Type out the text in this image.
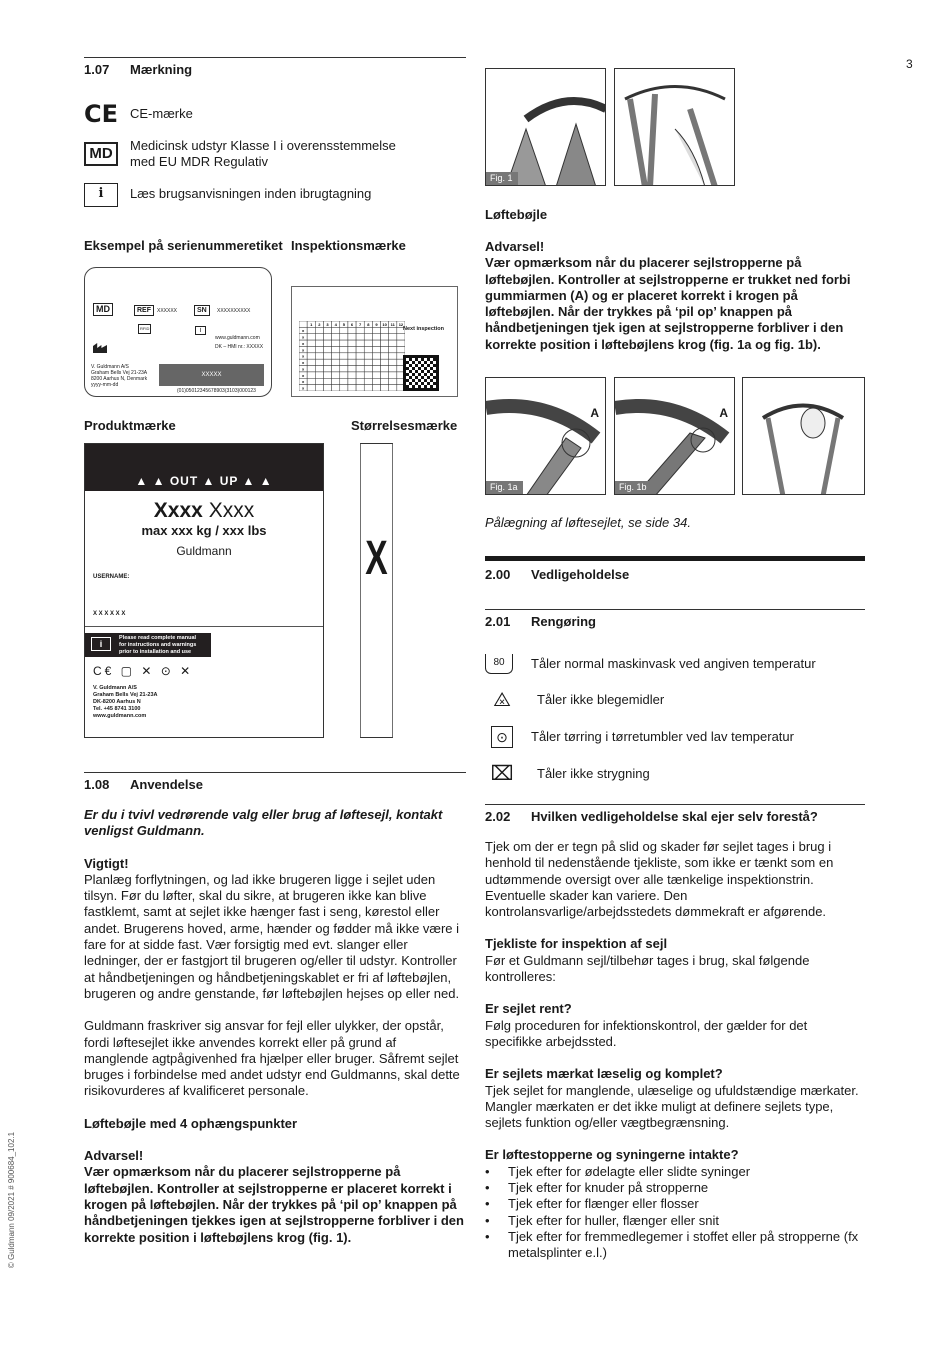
3
© Guldmann 09/2021 # 900684_102.1
1.07 Mærkning
CE CE-mærke
MD	Medicinsk udstyr Klasse I i overensstemmelse med EU MDR Regulativ
i	Læs brugsanvisningen inden ibrugtagning
Eksempel på serienummeretiket Inspektionsmærke
MD	REF	XXXXXX	SN	XXXXXXXXXX
RFID	i
www.guldmann.com
DK – HMI nr.: XXXXX
V. Guldmann A/S
Graham Bells Vej 21-23A
8200 Aarhus N, Denmark
yyyy-mm-dd
XXXXX
(01)05012345678903(3103)000123
1 2 3 4 5 6 7 8 9 10 11 12
x
x
x
x
x
x
x
x
x
x
Next inspection
Produktmærke	Størrelsesmærke
▲ ▲ OUT ▲ UP ▲ ▲
Xxxx Xxxx
max xxx kg / xxx lbs
Guldmann
USERNAME:
X X X X X X
i
Please read complete manual
for instructions and warnings
prior to installation and use
C€ ▢ ✕ ⊙ ✕
V. Guldmann A/S
Graham Bells Vej 21-23A
DK-8200 Aarhus N
Tel. +45 8741 3100
www.guldmann.com
X
1.08 Anvendelse

Er du i tvivl vedrørende valg eller brug af løftesejl, kontakt venligst Guldmann.

Vigtigt!

Planlæg forflytningen, og lad ikke brugeren ligge i sejlet uden tilsyn. Før du løfter, skal du sikre, at brugeren ikke kan blive fastklemt, samt at sejlet ikke hænger fast i seng, kørestol eller andet. Brugerens hoved, arme, hænder og fødder må ikke være i fare for at sidde fast. Vær forsigtig med evt. slanger eller ledninger, der er fastgjort til brugeren og/eller til udstyr. Kontroller at håndbetjeningen og håndbetjeningskablet er fri af løftebøjlen, brugeren og andre genstande, før løftebøjlen hejses op eller ned.

Guldmann fraskriver sig ansvar for fejl eller ulykker, der opstår, fordi løftesejlet ikke anvendes korrekt eller på grund af manglende agtpågivenhed fra hjælper eller bruger. Såfremt sejlet bruges i forbindelse med andet udstyr end Guldmanns, skal dette risikovurderes af kvalificeret personale.

Løftebøjle med 4 ophængspunkter

Advarsel!

Vær opmærksom når du placerer sejlstropperne på løftebøjlen. Kontroller at sejlstropperne er placeret korrekt i krogen på løftebøjlen. Når der trykkes på ‘pil op’ knappen på håndbetjeningen tjekkes igen at sejlstropperne forbliver i den korrekte position i løftebøjlens krog (fig. 1).

Fig. 1
Løftebøjle
Advarsel!
Vær opmærksom når du placerer sejlstropperne på løftebøjlen. Kontroller at sejlstropperne er trukket ned forbi gummiarmen (A) og er placeret korrekt i krogen på løftebøjlen. Når der trykkes på ‘pil op’ knappen på håndbetjeningen tjek igen at sejlstropperne forbliver i den korrekte position i løftebøjlens krog (fig. 1a og fig. 1b).
A
Fig. 1a
A
Fig. 1b
Pålægning af løftesejlet, se side 34.
2.00 Vedligeholdelse
2.01 Rengøring
80	Tåler normal maskinvask ved angiven temperatur
⨻	Tåler ikke blegemidler
⊙	Tåler tørring i tørretumbler ved lav temperatur
⌧	Tåler ikke strygning
2.02 Hvilken vedligeholdelse skal ejer selv forestå?

Tjek om der er tegn på slid og skader før sejlet tages i brug i henhold til nedenstående tjekliste, som ikke er tænkt som en udtømmende oversigt over alle tænkelige inspektionstrin. Eventuelle skader kan variere. Den kontrolansvarlige/arbejdsstedets dømmekraft er afgørende.

Tjekliste for inspektion af sejl

Før et Guldmann sejl/tilbehør tages i brug, skal følgende kontrolleres:

Er sejlet rent?

Følg proceduren for infektionskontrol, der gælder for det specifikke arbejdssted.

Er sejlets mærkat læselig og komplet?

Tjek sejlet for manglende, ulæselige og ufuldstændige mærkater. Mangler mærkaten er det ikke muligt at definere sejlets type, sejlets funktion og/eller vægtbegrænsning.

Er løftestopperne og syningerne intakte?
• Tjek efter for ødelagte eller slidte syninger
• Tjek efter for knuder på stropperne
• Tjek efter for flænger eller flosser
• Tjek efter for huller, flænger eller snit
• Tjek efter for fremmedlegemer i stoffet eller på stropperne (fx metalsplinter e.l.)
